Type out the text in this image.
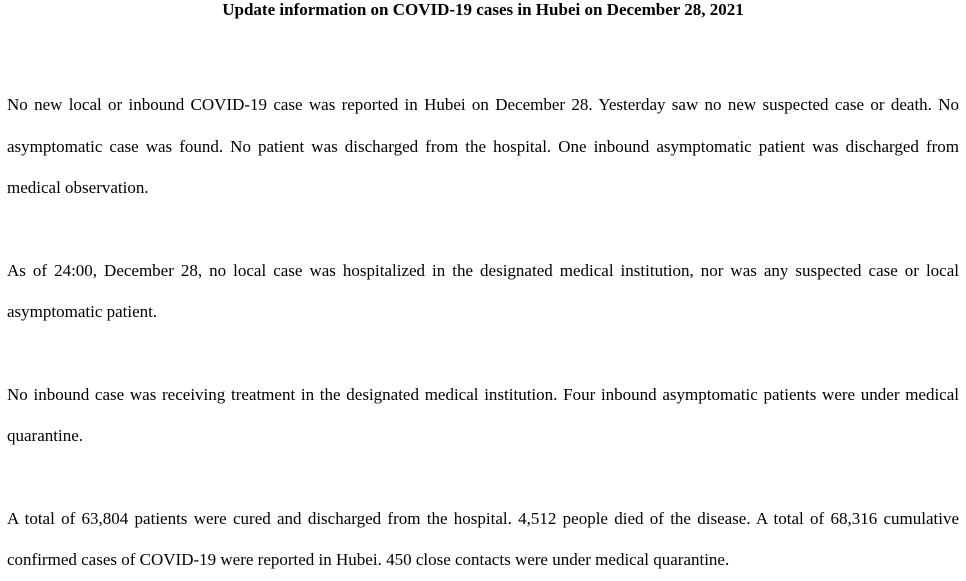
Update information on COVID-19 cases in Hubei on December 28, 2021

No new local or inbound COVID-19 case was reported in Hubei on December 28. Yesterday saw no new suspected case or death. No asymptomatic case was found. No patient was discharged from the hospital. One inbound asymptomatic patient was discharged from medical observation.

As of 24:00, December 28, no local case was hospitalized in the designated medical institution, nor was any suspected case or local asymptomatic patient.

No inbound case was receiving treatment in the designated medical institution. Four inbound asymptomatic patients were under medical quarantine.

A total of 63,804 patients were cured and discharged from the hospital. 4,512 people died of the disease. A total of 68,316 cumulative confirmed cases of COVID-19 were reported in Hubei. 450 close contacts were under medical quarantine.
